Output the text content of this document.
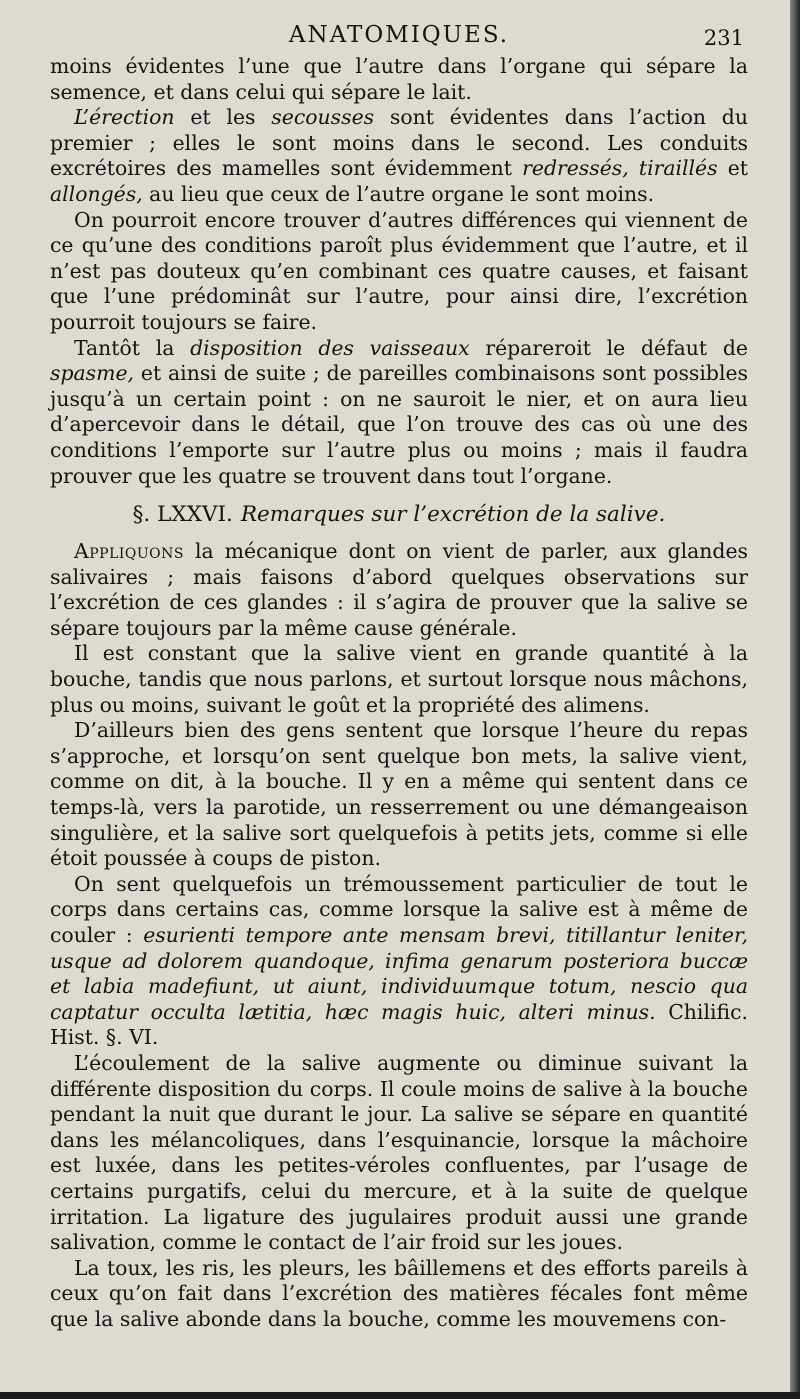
ANATOMIQUES.	231

moins évidentes l’une que l’autre dans l’organe qui sépare la semence, et dans celui qui sépare le lait.

L’érection et les secousses sont évidentes dans l’action du premier ; elles le sont moins dans le second. Les conduits excrétoires des mamelles sont évidemment redressés, tiraillés et allongés, au lieu que ceux de l’autre organe le sont moins.

On pourroit encore trouver d’autres différences qui viennent de ce qu’une des conditions paroît plus évidemment que l’autre, et il n’est pas douteux qu’en combinant ces quatre causes, et faisant que l’une prédominât sur l’autre, pour ainsi dire, l’excrétion pourroit toujours se faire.

Tantôt la disposition des vaisseaux répareroit le défaut de spasme, et ainsi de suite ; de pareilles combinaisons sont possibles jusqu’à un certain point : on ne sauroit le nier, et on aura lieu d’apercevoir dans le détail, que l’on trouve des cas où une des conditions l’emporte sur l’autre plus ou moins ; mais il faudra prouver que les quatre se trouvent dans tout l’organe.

§. LXXVI. Remarques sur l’excrétion de la salive.

Appliquons la mécanique dont on vient de parler, aux glandes salivaires ; mais faisons d’abord quelques observations sur l’excrétion de ces glandes : il s’agira de prouver que la salive se sépare toujours par la même cause générale.

Il est constant que la salive vient en grande quantité à la bouche, tandis que nous parlons, et surtout lorsque nous mâchons, plus ou moins, suivant le goût et la propriété des alimens.

D’ailleurs bien des gens sentent que lorsque l’heure du repas s’approche, et lorsqu’on sent quelque bon mets, la salive vient, comme on dit, à la bouche. Il y en a même qui sentent dans ce temps-là, vers la parotide, un resserrement ou une démangeaison singulière, et la salive sort quelquefois à petits jets, comme si elle étoit poussée à coups de piston.

On sent quelquefois un trémoussement particulier de tout le corps dans certains cas, comme lorsque la salive est à même de couler : esurienti tempore ante mensam brevi, titillantur leniter, usque ad dolorem quandoque, infima genarum posteriora buccæ et labia madefiunt, ut aiunt, individuumque totum, nescio qua captatur occulta lætitia, hæc magis huic, alteri minus. Chilific. Hist. §. VI.

L’écoulement de la salive augmente ou diminue suivant la différente disposition du corps. Il coule moins de salive à la bouche pendant la nuit que durant le jour. La salive se sépare en quantité dans les mélancoliques, dans l’esquinancie, lorsque la mâchoire est luxée, dans les petites-véroles confluentes, par l’usage de certains purgatifs, celui du mercure, et à la suite de quelque irritation. La ligature des jugulaires produit aussi une grande salivation, comme le contact de l’air froid sur les joues.

La toux, les ris, les pleurs, les bâillemens et des efforts pareils à ceux qu’on fait dans l’excrétion des matières fécales font même que la salive abonde dans la bouche, comme les mouvemens con-
